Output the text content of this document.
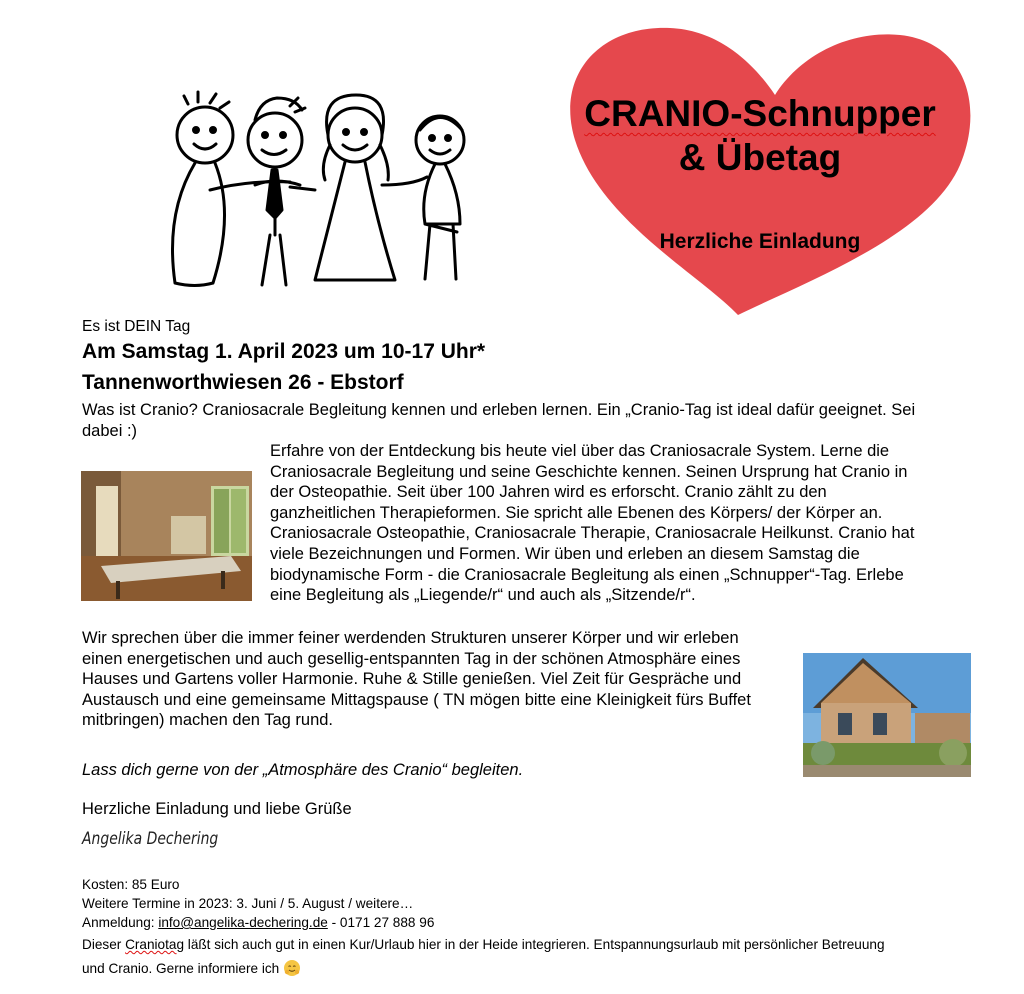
CRANIO-Schnupper
& Übetag
Herzliche Einladung
Es ist DEIN Tag
Am Samstag 1. April 2023 um 10-17 Uhr*
Tannenworthwiesen 26 - Ebstorf
Was ist Cranio? Craniosacrale Begleitung kennen und erleben lernen. Ein „Cranio-Tag ist ideal dafür geeignet. Sei dabei :)
Erfahre von der Entdeckung bis heute viel über das Craniosacrale System. Lerne die Craniosacrale Begleitung und seine Geschichte kennen. Seinen Ursprung hat Cranio in der Osteopathie. Seit über 100 Jahren wird es erforscht. Cranio zählt zu den ganzheitlichen Therapieformen. Sie spricht alle Ebenen des Körpers/ der Körper an. Craniosacrale Osteopathie, Craniosacrale Therapie, Craniosacrale Heilkunst. Cranio hat viele Bezeichnungen und Formen. Wir üben und erleben an diesem Samstag die biodynamische Form - die Craniosacrale Begleitung als einen „Schnupper“-Tag. Erlebe eine Begleitung als „Liegende/r“ und auch als „Sitzende/r“.
Wir sprechen über die immer feiner werdenden Strukturen unserer Körper und wir erleben einen energetischen und auch gesellig-entspannten Tag in der schönen Atmosphäre eines Hauses und Gartens voller Harmonie. Ruhe & Stille genießen. Viel Zeit für Gespräche und Austausch und eine gemeinsame Mittagspause ( TN mögen bitte eine Kleinigkeit fürs Buffet mitbringen) machen den Tag rund.
Lass dich gerne von der „Atmosphäre des Cranio“ begleiten.
Herzliche Einladung und liebe Grüße
Angelika Dechering
Kosten: 85 Euro
Weitere Termine in 2023: 3. Juni / 5. August / weitere…
Anmeldung: info@angelika-dechering.de - 0171 27 888 96
Dieser Craniotag läßt sich auch gut in einen Kur/Urlaub hier in der Heide integrieren. Entspannungsurlaub mit persönlicher Betreuung und Cranio. Gerne informiere ich
